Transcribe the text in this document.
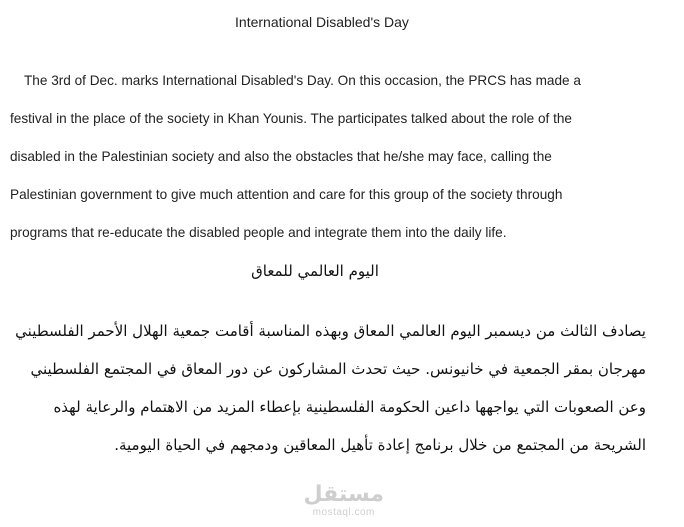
International Disabled's Day

The 3rd of Dec. marks International Disabled's Day. On this occasion, the PRCS has made a
festival in the place of the society in Khan Younis. The participates talked about the role of the
disabled in the Palestinian society and also the obstacles that he/she may face, calling the
Palestinian government to give much attention and care for this group of the society through
programs that re-educate the disabled people and integrate them into the daily life.

اليوم العالمي للمعاق

يصادف الثالث من ديسمبر اليوم العالمي المعاق وبهذه المناسبة أقامت جمعية الهلال الأحمر الفلسطيني
مهرجان بمقر الجمعية في خانيونس. حيث تحدث المشاركون عن دور المعاق في المجتمع الفلسطيني
وعن الصعوبات التي يواجهها داعين الحكومة الفلسطينية بإعطاء المزيد من الاهتمام والرعاية لهذه
الشريحة من المجتمع من خلال برنامج إعادة تأهيل المعاقين ودمجهم في الحياة اليومية.

مستقل
mostaql.com
